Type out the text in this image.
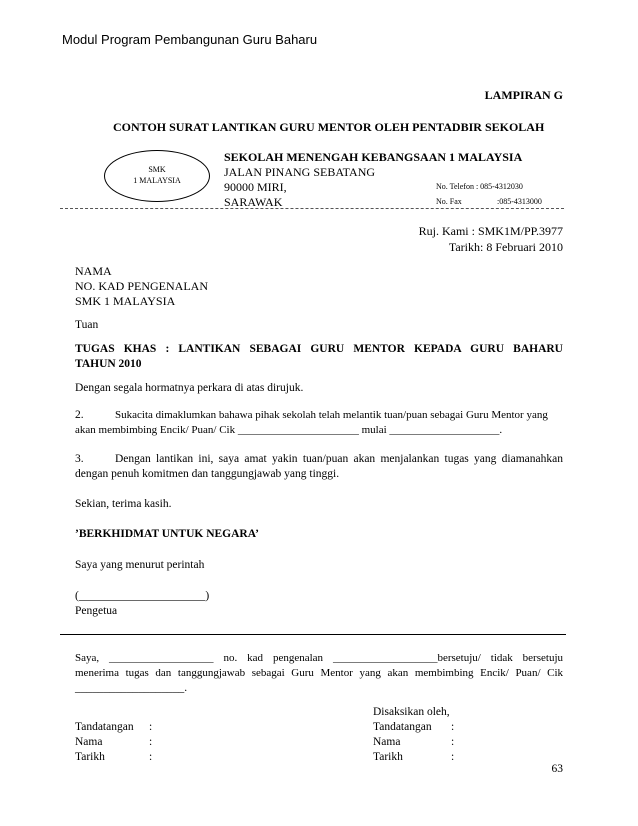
Modul Program Pembangunan Guru Baharu
LAMPIRAN G
CONTOH SURAT LANTIKAN GURU MENTOR OLEH PENTADBIR SEKOLAH
SMK
1 MALAYSIA
SEKOLAH MENENGAH KEBANGSAAN 1 MALAYSIA
JALAN PINANG SEBATANG
90000 MIRI,
SARAWAK
No. Telefon : 085-4312030
No. Fax	:085-4313000
Ruj. Kami : SMK1M/PP.3977
Tarikh: 8 Februari 2010
NAMA
NO. KAD PENGENALAN
SMK 1 MALAYSIA
Tuan
TUGAS KHAS : LANTIKAN SEBAGAI GURU MENTOR KEPADA GURU BAHARU
TAHUN 2010
Dengan segala hormatnya perkara di atas dirujuk.
2.	Sukacita dimaklumkan bahawa pihak sekolah telah melantik tuan/puan sebagai Guru Mentor yang
akan membimbing Encik/ Puan/ Cik ______________________ mulai ____________________.
3.	Dengan lantikan ini, saya amat yakin tuan/puan akan menjalankan tugas yang diamanahkan
dengan penuh komitmen dan tanggungjawab yang tinggi.
Sekian, terima kasih.
’BERKHIDMAT UNTUK NEGARA’
Saya yang menurut perintah
(______________________)
Pengetua
Saya, ___________________ no. kad pengenalan ___________________bersetuju/ tidak bersetuju
menerima tugas dan tanggungjawab sebagai Guru Mentor yang akan membimbing Encik/ Puan/ Cik
___________________.
Disaksikan oleh,
Tandatangan :
Nama	:
Tarikh	:
Tandatangan :
Nama	:
Tarikh	:
63
